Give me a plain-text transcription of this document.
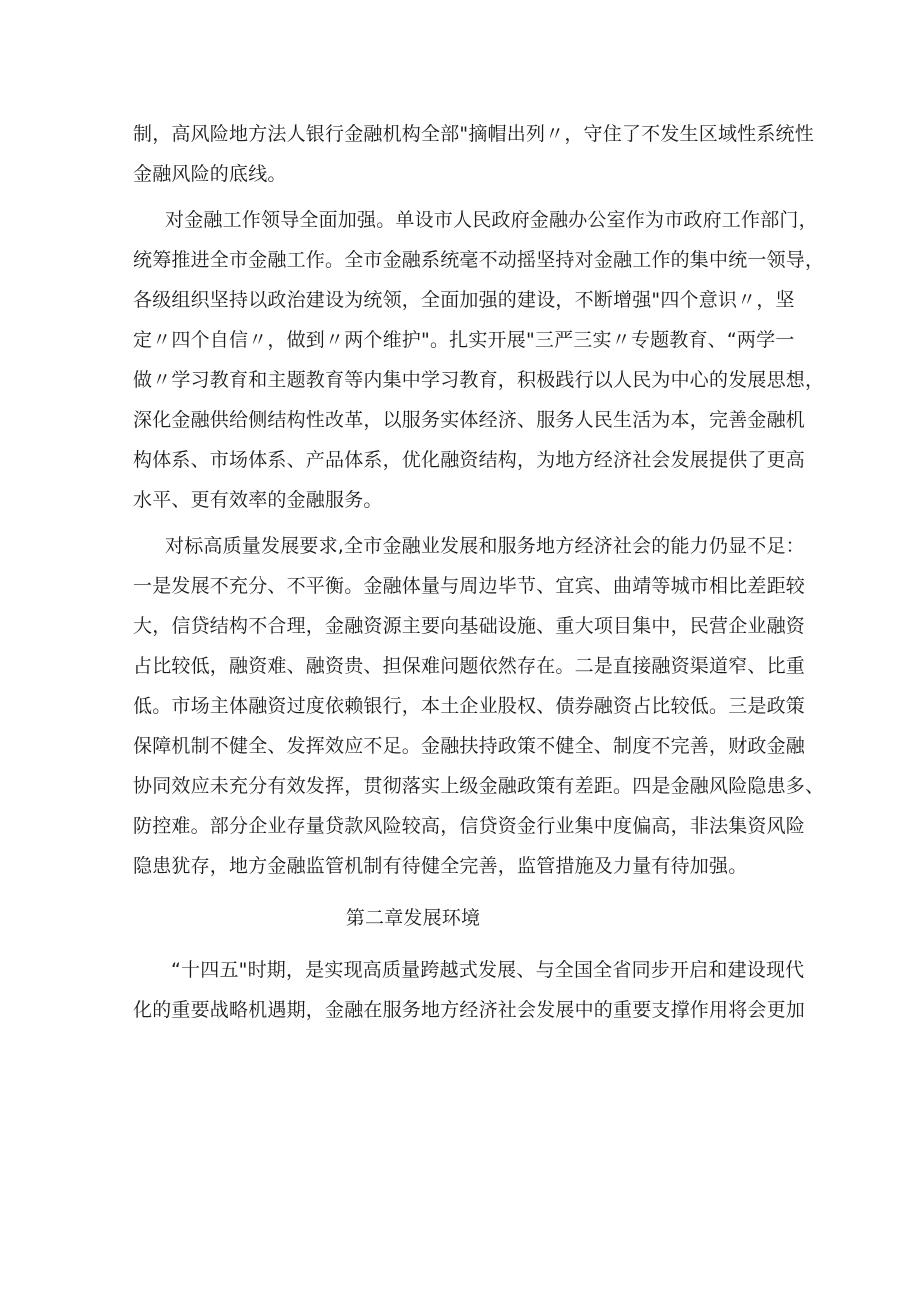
制，高风险地方法人银行金融机构全部"摘帽出列〃，守住了不发生区域性系统性
金融风险的底线。
对金融工作领导全面加强。单设市人民政府金融办公室作为市政府工作部门，
统筹推进全市金融工作。全市金融系统毫不动摇坚持对金融工作的集中统一领导，
各级组织坚持以政治建设为统领，全面加强的建设，不断增强"四个意识〃，坚
定〃四个自信〃，做到〃两个维护"。扎实开展"三严三实〃专题教育、“两学一
做〃学习教育和主题教育等内集中学习教育，积极践行以人民为中心的发展思想，
深化金融供给侧结构性改革，以服务实体经济、服务人民生活为本，完善金融机
构体系、市场体系、产品体系，优化融资结构，为地方经济社会发展提供了更高
水平、更有效率的金融服务。
对标高质量发展要求,全市金融业发展和服务地方经济社会的能力仍显不足：
一是发展不充分、不平衡。金融体量与周边毕节、宜宾、曲靖等城市相比差距较
大，信贷结构不合理，金融资源主要向基础设施、重大项目集中，民营企业融资
占比较低，融资难、融资贵、担保难问题依然存在。二是直接融资渠道窄、比重
低。市场主体融资过度依赖银行，本土企业股权、债券融资占比较低。三是政策
保障机制不健全、发挥效应不足。金融扶持政策不健全、制度不完善，财政金融
协同效应未充分有效发挥，贯彻落实上级金融政策有差距。四是金融风险隐患多、
防控难。部分企业存量贷款风险较高，信贷资金行业集中度偏高，非法集资风险
隐患犹存，地方金融监管机制有待健全完善，监管措施及力量有待加强。
第二章发展环境
“十四五"时期，是实现高质量跨越式发展、与全国全省同步开启和建设现代
化的重要战略机遇期，金融在服务地方经济社会发展中的重要支撑作用将会更加
